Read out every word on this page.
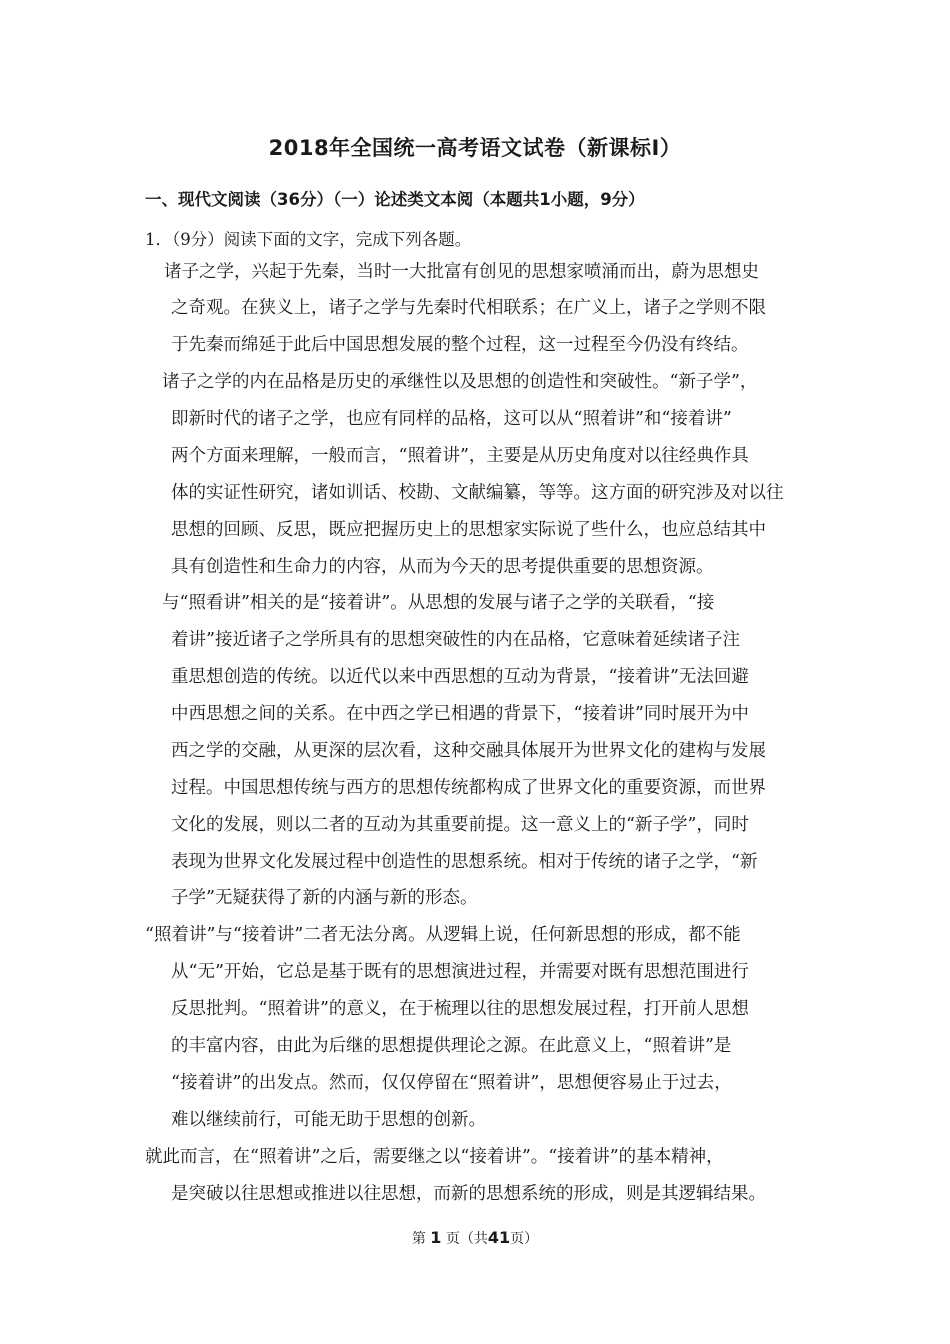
2018年全国统一高考语文试卷（新课标Ⅰ）
一、现代文阅读（36分）（一）论述类文本阅（本题共1小题，9分）

1．（9分）阅读下面的文字，完成下列各题。

诸子之学，兴起于先秦，当时一大批富有创见的思想家喷涌而出，蔚为思想史

之奇观。在狭义上，诸子之学与先秦时代相联系；在广义上，诸子之学则不限

于先秦而绵延于此后中国思想发展的整个过程，这一过程至今仍没有终结。

诸子之学的内在品格是历史的承继性以及思想的创造性和突破性。“新子学”，

即新时代的诸子之学，也应有同样的品格，这可以从“照着讲”和“接着讲”

两个方面来理解，一般而言，“照着讲”，主要是从历史角度对以往经典作具

体的实证性研究，诸如训话、校勘、文献编纂，等等。这方面的研究涉及对以往

思想的回顾、反思，既应把握历史上的思想家实际说了些什么，也应总结其中

具有创造性和生命力的内容，从而为今天的思考提供重要的思想资源。

与“照看讲”相关的是“接着讲”。从思想的发展与诸子之学的关联看，“接

着讲”接近诸子之学所具有的思想突破性的内在品格，它意味着延续诸子注

重思想创造的传统。以近代以来中西思想的互动为背景，“接着讲”无法回避

中西思想之间的关系。在中西之学已相遇的背景下，“接着讲”同时展开为中

西之学的交融，从更深的层次看，这种交融具体展开为世界文化的建构与发展

过程。中国思想传统与西方的思想传统都构成了世界文化的重要资源，而世界

文化的发展，则以二者的互动为其重要前提。这一意义上的“新子学”，同时

表现为世界文化发展过程中创造性的思想系统。相对于传统的诸子之学，“新

子学”无疑获得了新的内涵与新的形态。

“照着讲”与“接着讲”二者无法分离。从逻辑上说，任何新思想的形成，都不能

从“无”开始，它总是基于既有的思想演进过程，并需要对既有思想范围进行

反思批判。“照着讲”的意义，在于梳理以往的思想发展过程，打开前人思想

的丰富内容，由此为后继的思想提供理论之源。在此意义上，“照着讲”是

“接着讲”的出发点。然而，仅仅停留在“照着讲”，思想便容易止于过去，

难以继续前行，可能无助于思想的创新。

就此而言，在“照着讲”之后，需要继之以“接着讲”。“接着讲”的基本精神，

是突破以往思想或推进以往思想，而新的思想系统的形成，则是其逻辑结果。

第 1 页（共41页）
